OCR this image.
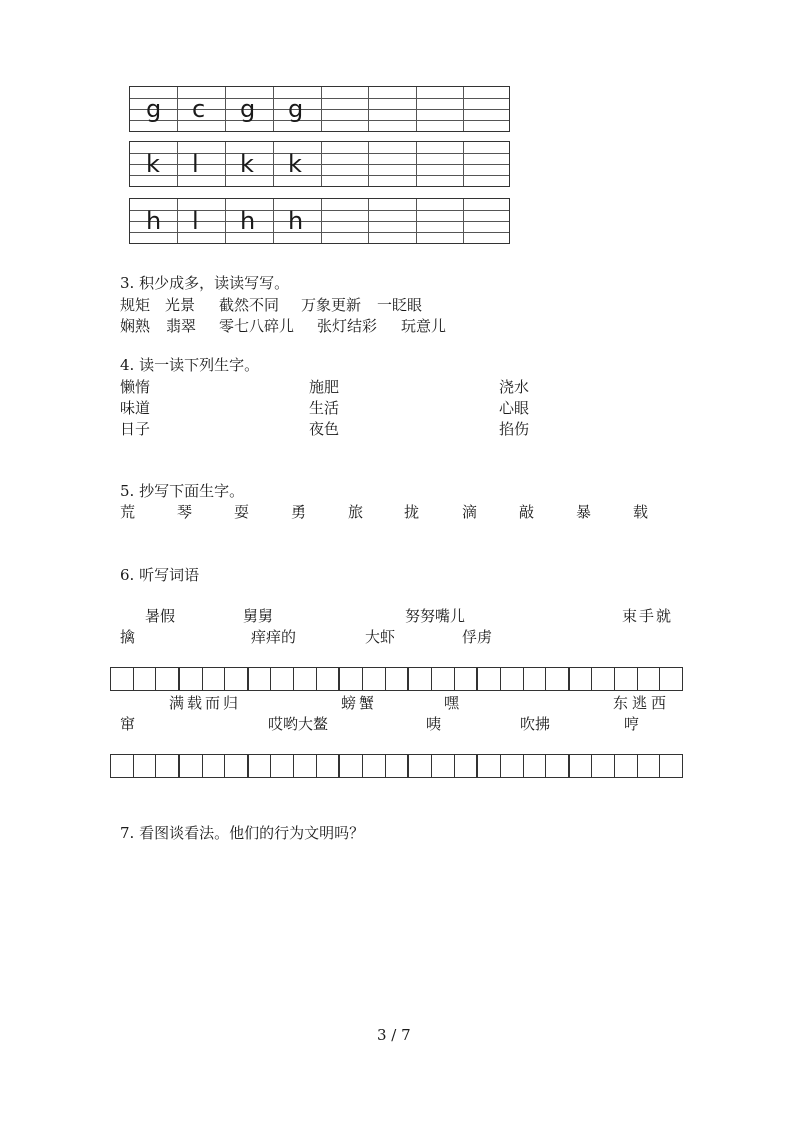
g c g g
k l k k
h l h h
3. 积少成多，读读写写。
规矩 光景 截然不同 万象更新 一眨眼
娴熟 翡翠 零七八碎儿 张灯结彩 玩意儿
4. 读一读下列生字。
懒惰	施肥	浇水
味道	生活	心眼
日子	夜色	掐伤
5. 抄写下面生字。
荒	琴	耍	勇	旅	拢	滴	敲	暴	载
6. 听写词语
暑假	舅舅	努努嘴儿	束手就
擒	痒痒的	大虾	俘虏
满载而归	螃蟹	嘿	东逃西
窜	哎哟大鳌	咦	吹拂	哼
7. 看图谈看法。他们的行为文明吗？
3 / 7
